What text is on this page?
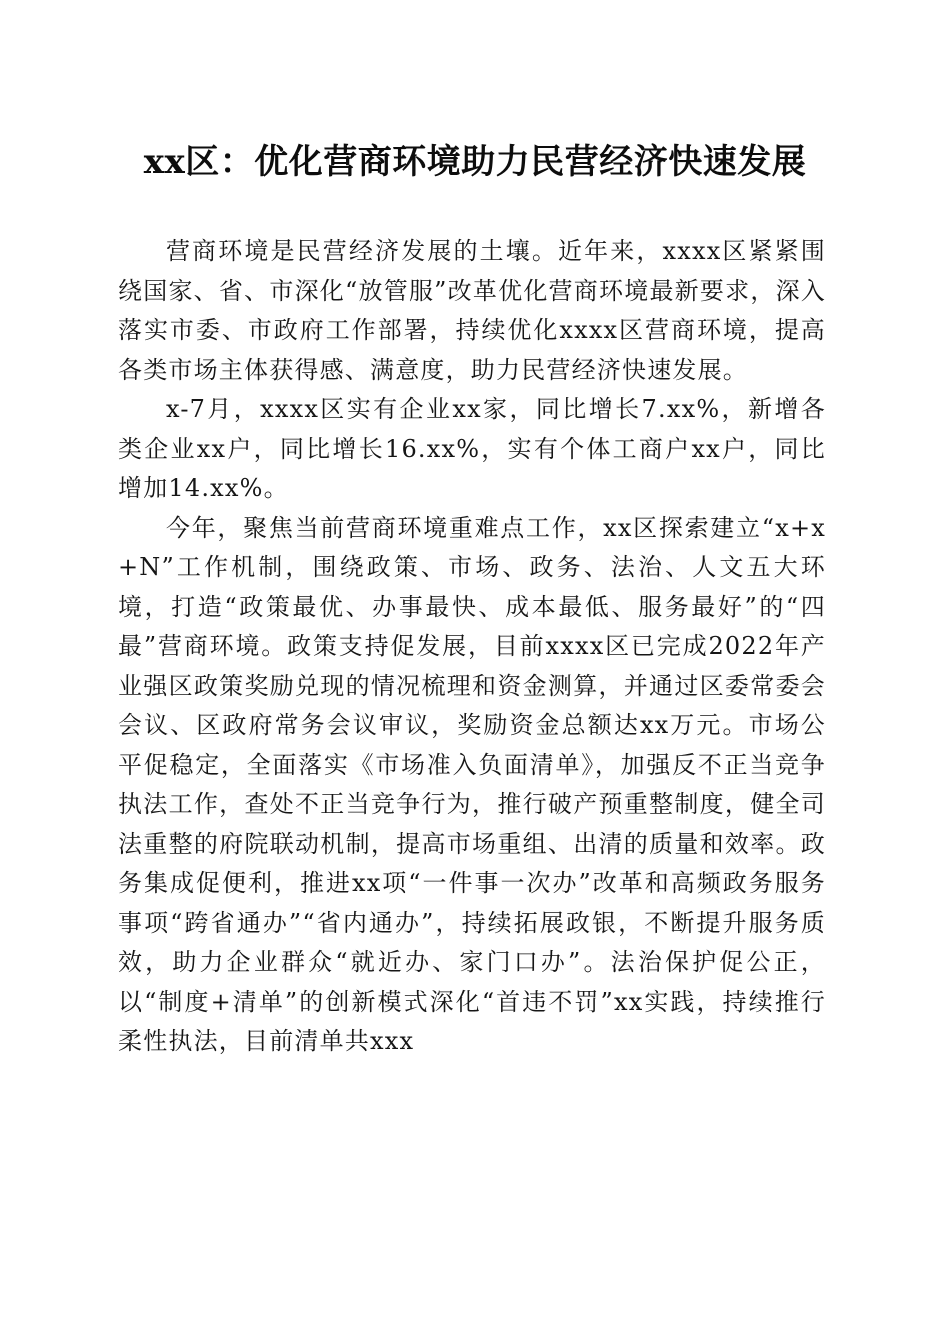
xx区：优化营商环境助力民营经济快速发展

营商环境是民营经济发展的土壤。近年来，xxxx区紧紧围绕国家、省、市深化“放管服”改革优化营商环境最新要求，深入落实市委、市政府工作部署，持续优化xxxx区营商环境，提高各类市场主体获得感、满意度，助力民营经济快速发展。

x-7月，xxxx区实有企业xx家，同比增长7.xx%，新增各类企业xx户，同比增长16.xx%，实有个体工商户xx户，同比增加14.xx%。

今年，聚焦当前营商环境重难点工作，xx区探索建立“x+x+N”工作机制，围绕政策、市场、政务、法治、人文五大环境，打造“政策最优、办事最快、成本最低、服务最好”的“四最”营商环境。政策支持促发展，目前xxxx区已完成2022年产业强区政策奖励兑现的情况梳理和资金测算，并通过区委常委会会议、区政府常务会议审议，奖励资金总额达xx万元。市场公平促稳定，全面落实《市场准入负面清单》，加强反不正当竞争执法工作，查处不正当竞争行为，推行破产预重整制度，健全司法重整的府院联动机制，提高市场重组、出清的质量和效率。政务集成促便利，推进xx项“一件事一次办”改革和高频政务服务事项“跨省通办”“省内通办”，持续拓展政银，不断提升服务质效，助力企业群众“就近办、家门口办”。法治保护促公正，以“制度+清单”的创新模式深化“首违不罚”xx实践，持续推行柔性执法，目前清单共xxx
